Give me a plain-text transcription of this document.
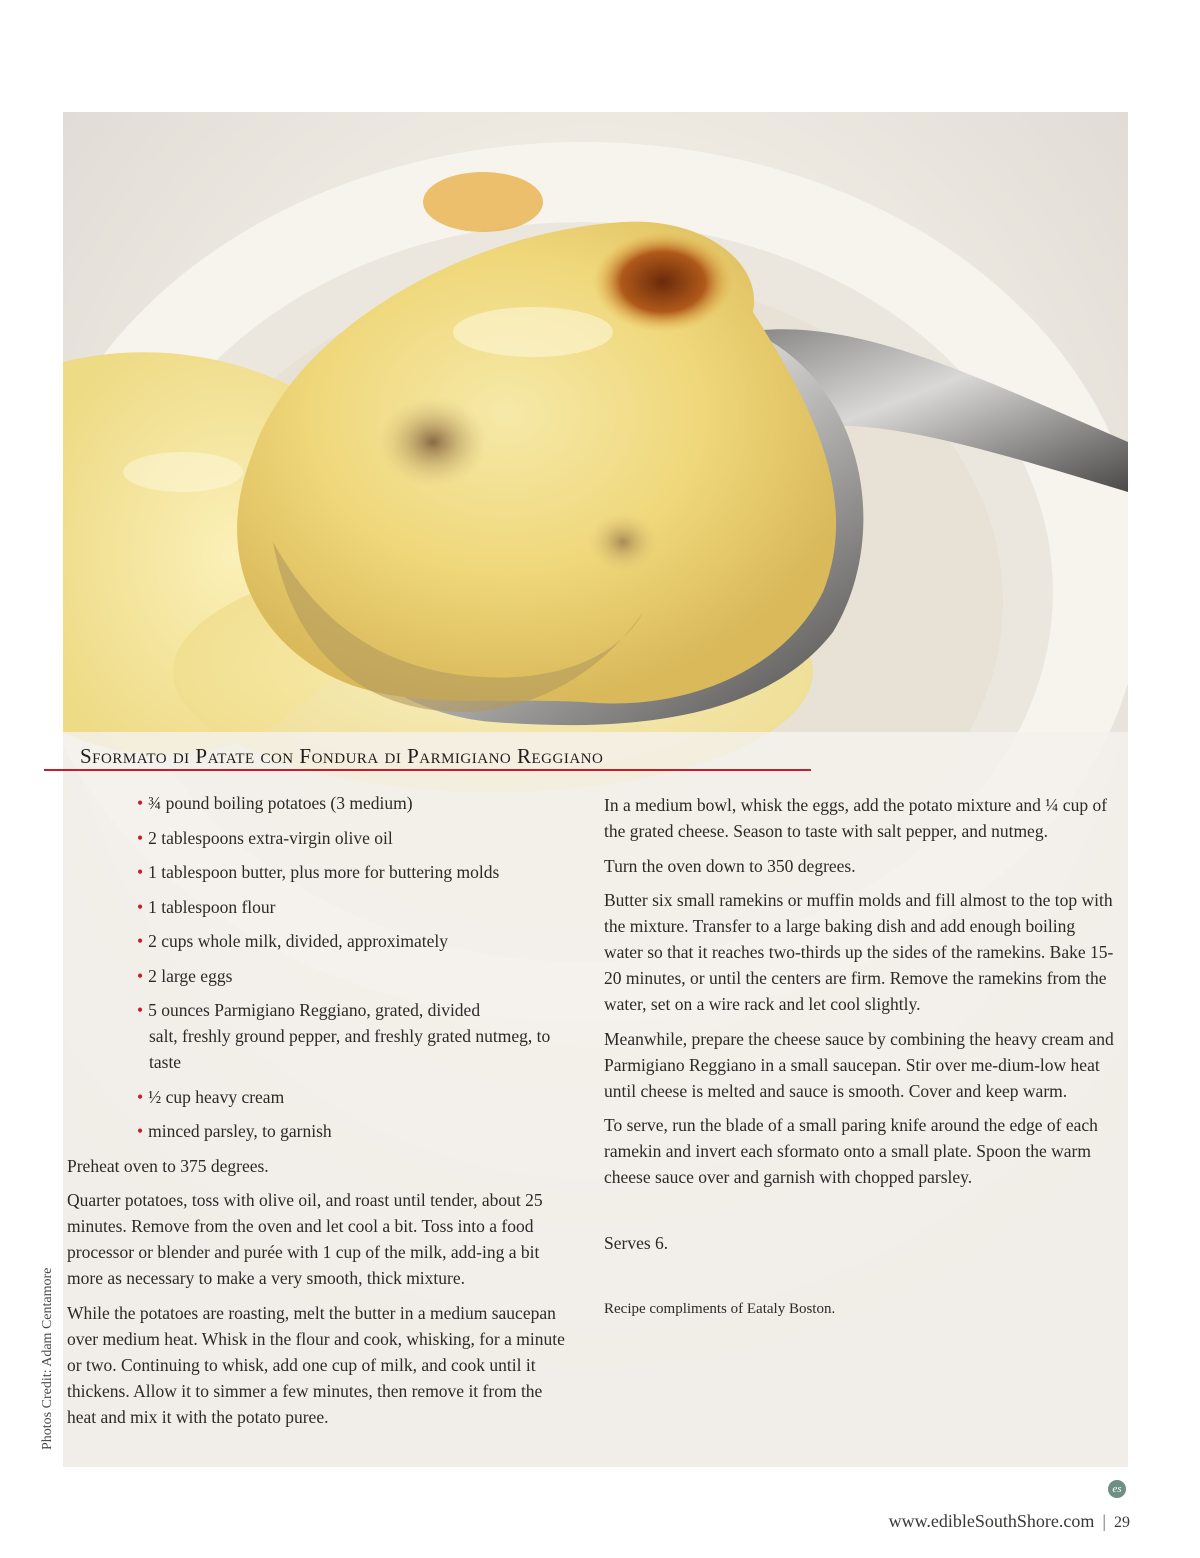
Sformato di Patate con Fondura di Parmigiano Reggiano
• ¾ pound boiling potatoes (3 medium)
• 2 tablespoons extra-virgin olive oil
• 1 tablespoon butter, plus more for buttering molds
• 1 tablespoon flour
• 2 cups whole milk, divided, approximately
• 2 large eggs
• 5 ounces Parmigiano Reggiano, grated, divided
salt, freshly ground pepper, and freshly grated nutmeg, to taste
• ½ cup heavy cream
• minced parsley, to garnish

Preheat oven to 375 degrees.

Quarter potatoes, toss with olive oil, and roast until tender, about 25 minutes. Remove from the oven and let cool a bit. Toss into a food processor or blender and purée with 1 cup of the milk, add-ing a bit more as necessary to make a very smooth, thick mixture.

While the potatoes are roasting, melt the butter in a medium saucepan over medium heat. Whisk in the flour and cook, whisking, for a minute or two. Continuing to whisk, add one cup of milk, and cook until it thickens. Allow it to simmer a few minutes, then remove it from the heat and mix it with the potato puree.

In a medium bowl, whisk the eggs, add the potato mixture and ¼ cup of the grated cheese. Season to taste with salt pepper, and nutmeg.

Turn the oven down to 350 degrees.

Butter six small ramekins or muffin molds and fill almost to the top with the mixture. Transfer to a large baking dish and add enough boiling water so that it reaches two-thirds up the sides of the ramekins. Bake 15-20 minutes, or until the centers are firm. Remove the ramekins from the water, set on a wire rack and let cool slightly.

Meanwhile, prepare the cheese sauce by combining the heavy cream and Parmigiano Reggiano in a small saucepan. Stir over me-dium-low heat until cheese is melted and sauce is smooth. Cover and keep warm.

To serve, run the blade of a small paring knife around the edge of each ramekin and invert each sformato onto a small plate. Spoon the warm cheese sauce over and garnish with chopped parsley.

Serves 6.

Recipe compliments of Eataly Boston.

Photos Credit: Adam Centamore
es
www.edibleSouthShore.com | 29
